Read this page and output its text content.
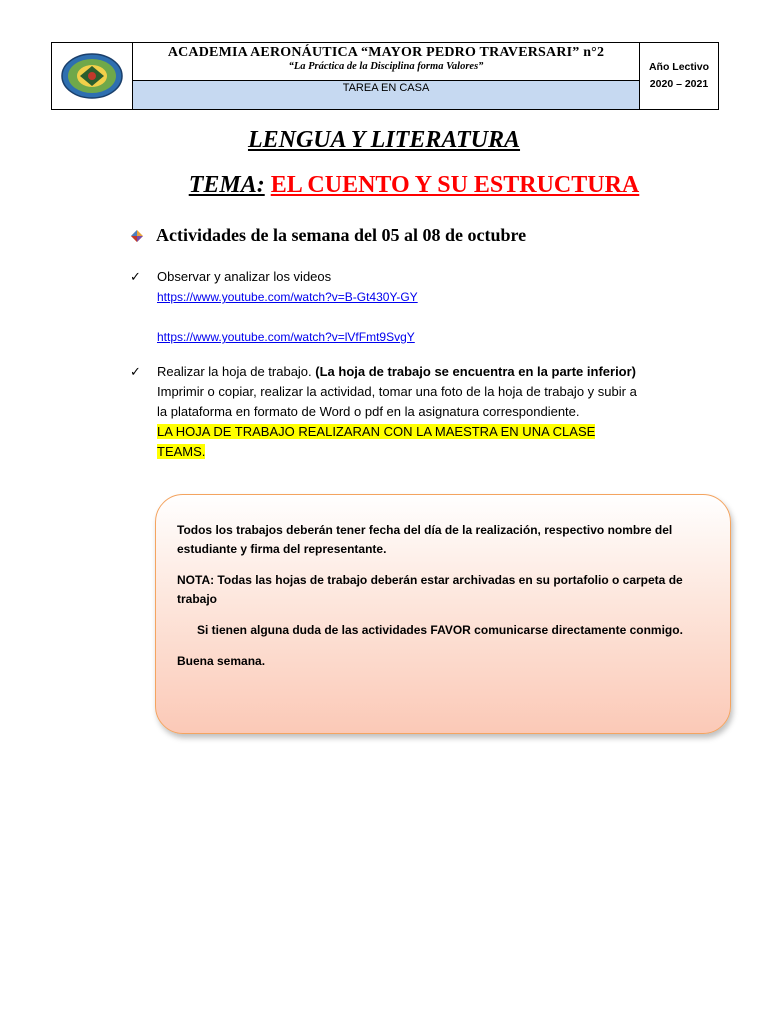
ACADEMIA AERONÁUTICA “MAYOR PEDRO TRAVERSARI” n°2
“La Práctica de la Disciplina forma Valores”
TAREA EN CASA
Año Lectivo
2020 – 2021
LENGUA Y LITERATURA
TEMA: EL CUENTO Y SU ESTRUCTURA
Actividades de la semana del 05 al 08 de octubre
✓	Observar y analizar los videos
https://www.youtube.com/watch?v=B-Gt430Y-GY
https://www.youtube.com/watch?v=lVfFmt9SvgY
✓	Realizar la hoja de trabajo. (La hoja de trabajo se encuentra en la parte inferior) Imprimir o copiar, realizar la actividad, tomar una foto de la hoja de trabajo y subir a la plataforma en formato de Word o pdf en la asignatura correspondiente.
LA HOJA DE TRABAJO REALIZARAN CON LA MAESTRA EN UNA CLASE TEAMS.

Todos los trabajos deberán tener fecha del día de la realización, respectivo nombre del estudiante y firma del representante.

NOTA: Todas las hojas de trabajo deberán estar archivadas en su portafolio o carpeta de trabajo

Si tienen alguna duda de las actividades FAVOR comunicarse directamente conmigo.

Buena semana.
